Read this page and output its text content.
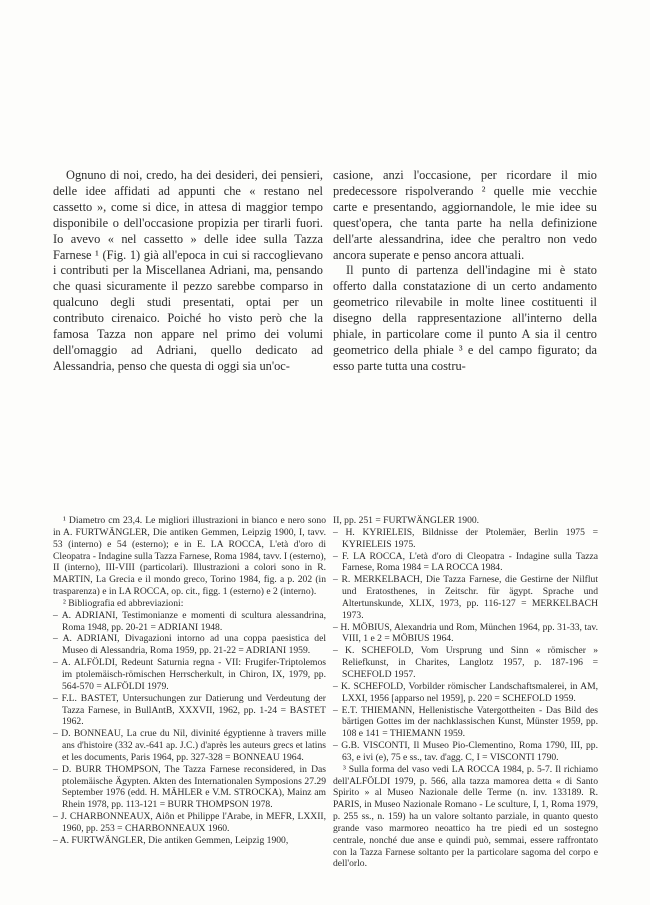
Ognuno di noi, credo, ha dei desideri, dei pensieri, delle idee affidati ad appunti che « restano nel cassetto », come si dice, in attesa di maggior tempo disponibile o dell'occasione propizia per tirarli fuori. Io avevo « nel cassetto » delle idee sulla Tazza Farnese ¹ (Fig. 1) già all'epoca in cui si raccoglievano i contributi per la Miscellanea Adriani, ma, pensando che quasi sicuramente il pezzo sarebbe comparso in qualcuno degli studi presentati, optai per un contributo cirenaico. Poiché ho visto però che la famosa Tazza non appare nel primo dei volumi dell'omaggio ad Adriani, quello dedicato ad Alessandria, penso che questa di oggi sia un'oc-

casione, anzi l'occasione, per ricordare il mio predecessore rispolverando ² quelle mie vecchie carte e presentando, aggiornandole, le mie idee su quest'opera, che tanta parte ha nella definizione dell'arte alessandrina, idee che peraltro non vedo ancora superate e penso ancora attuali.

Il punto di partenza dell'indagine mi è stato offerto dalla constatazione di un certo andamento geometrico rilevabile in molte linee costituenti il disegno della rappresentazione all'interno della phiale, in particolare come il punto A sia il centro geometrico della phiale ³ e del campo figurato; da esso parte tutta una costru-

¹ Diametro cm 23,4. Le migliori illustrazioni in bianco e nero sono in A. FURTWÄNGLER, Die antiken Gemmen, Leipzig 1900, I, tavv. 53 (interno) e 54 (esterno); e in E. LA ROCCA, L'età d'oro di Cleopatra - Indagine sulla Tazza Farnese, Roma 1984, tavv. I (esterno), II (interno), III-VIII (particolari). Illustrazioni a colori sono in R. MARTIN, La Grecia e il mondo greco, Torino 1984, fig. a p. 202 (in trasparenza) e in LA ROCCA, op. cit., figg. 1 (esterno) e 2 (interno).

² Bibliografia ed abbreviazioni:

– A. ADRIANI, Testimonianze e momenti di scultura alessandrina, Roma 1948, pp. 20-21 = ADRIANI 1948.

– A. ADRIANI, Divagazioni intorno ad una coppa paesistica del Museo di Alessandria, Roma 1959, pp. 21-22 = ADRIANI 1959.

– A. ALFÖLDI, Redeunt Saturnia regna - VII: Frugifer-Triptolemos im ptolemäisch-römischen Herrscherkult, in Chiron, IX, 1979, pp. 564-570 = ALFÖLDI 1979.

– F.L. BASTET, Untersuchungen zur Datierung und Verdeutung der Tazza Farnese, in BullAntB, XXXVII, 1962, pp. 1-24 = BASTET 1962.

– D. BONNEAU, La crue du Nil, divinité égyptienne à travers mille ans d'histoire (332 av.-641 ap. J.C.) d'après les auteurs grecs et latins et les documents, Paris 1964, pp. 327-328 = BONNEAU 1964.

– D. BURR THOMPSON, The Tazza Farnese reconsidered, in Das ptolemäische Ägypten. Akten des Internationalen Symposions 27.29 September 1976 (edd. H. MÄHLER e V.M. STROCKA), Mainz am Rhein 1978, pp. 113-121 = BURR THOMPSON 1978.

– J. CHARBONNEAUX, Aiôn et Philippe l'Arabe, in MEFR, LXXII, 1960, pp. 253 = CHARBONNEAUX 1960.

– A. FURTWÄNGLER, Die antiken Gemmen, Leipzig 1900,

II, pp. 251 = FURTWÄNGLER 1900.

– H. KYRIELEIS, Bildnisse der Ptolemäer, Berlin 1975 = KYRIELEIS 1975.

– F. LA ROCCA, L'età d'oro di Cleopatra - Indagine sulla Tazza Farnese, Roma 1984 = LA ROCCA 1984.

– R. MERKELBACH, Die Tazza Farnese, die Gestirne der Nilflut und Eratosthenes, in Zeitschr. für ägypt. Sprache und Altertunskunde, XLIX, 1973, pp. 116-127 = MERKELBACH 1973.

– H. MÖBIUS, Alexandria und Rom, München 1964, pp. 31-33, tav. VIII, 1 e 2 = MÖBIUS 1964.

– K. SCHEFOLD, Vom Ursprung und Sinn « römischer » Reliefkunst, in Charites, Langlotz 1957, p. 187-196 = SCHEFOLD 1957.

– K. SCHEFOLD, Vorbilder römischer Landschaftsmalerei, in AM, LXXI, 1956 [apparso nel 1959], p. 220 = SCHEFOLD 1959.

– E.T. THIEMANN, Hellenistische Vatergottheiten - Das Bild des bärtigen Gottes im der nachklassischen Kunst, Münster 1959, pp. 108 e 141 = THIEMANN 1959.

– G.B. VISCONTI, Il Museo Pio-Clementino, Roma 1790, III, pp. 63, e ivi (e), 75 e ss., tav. d'agg. C, I = VISCONTI 1790.

³ Sulla forma del vaso vedi LA ROCCA 1984, p. 5-7. Il richiamo dell'ALFÖLDI 1979, p. 566, alla tazza mamorea detta « di Santo Spirito » al Museo Nazionale delle Terme (n. inv. 133189. R. PARIS, in Museo Nazionale Romano - Le sculture, I, 1, Roma 1979, p. 255 ss., n. 159) ha un valore soltanto parziale, in quanto questo grande vaso marmoreo neoattico ha tre piedi ed un sostegno centrale, nonché due anse e quindi può, semmai, essere raffrontato con la Tazza Farnese soltanto per la particolare sagoma del corpo e dell'orlo.
